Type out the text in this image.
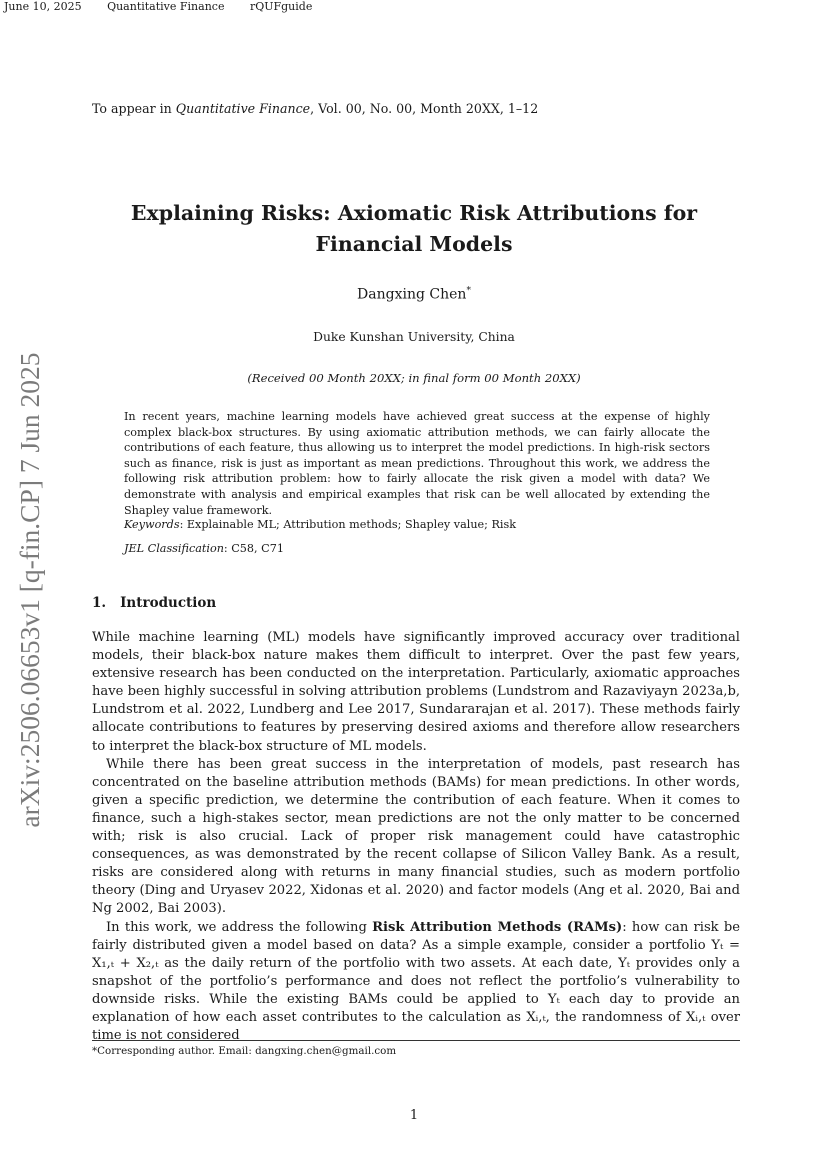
June 10, 2025 Quantitative Finance rQUFguide
To appear in Quantitative Finance, Vol. 00, No. 00, Month 20XX, 1–12
Explaining Risks: Axiomatic Risk Attributions for
Financial Models
Dangxing Chen*
Duke Kunshan University, China
(Received 00 Month 20XX; in final form 00 Month 20XX)
In recent years, machine learning models have achieved great success at the expense of highly complex black-box structures. By using axiomatic attribution methods, we can fairly allocate the contributions of each feature, thus allowing us to interpret the model predictions. In high-risk sectors such as finance, risk is just as important as mean predictions. Throughout this work, we address the following risk attribution problem: how to fairly allocate the risk given a model with data? We demonstrate with analysis and empirical examples that risk can be well allocated by extending the Shapley value framework.
Keywords: Explainable ML; Attribution methods; Shapley value; Risk
JEL Classification: C58, C71
1. Introduction

While machine learning (ML) models have significantly improved accuracy over traditional models, their black-box nature makes them difficult to interpret. Over the past few years, extensive research has been conducted on the interpretation. Particularly, axiomatic approaches have been highly successful in solving attribution problems (Lundstrom and Razaviyayn 2023a,b, Lundstrom et al. 2022, Lundberg and Lee 2017, Sundararajan et al. 2017). These methods fairly allocate contributions to features by preserving desired axioms and therefore allow researchers to interpret the black-box structure of ML models.

While there has been great success in the interpretation of models, past research has concentrated on the baseline attribution methods (BAMs) for mean predictions. In other words, given a specific prediction, we determine the contribution of each feature. When it comes to finance, such a high-stakes sector, mean predictions are not the only matter to be concerned with; risk is also crucial. Lack of proper risk management could have catastrophic consequences, as was demonstrated by the recent collapse of Silicon Valley Bank. As a result, risks are considered along with returns in many financial studies, such as modern portfolio theory (Ding and Uryasev 2022, Xidonas et al. 2020) and factor models (Ang et al. 2020, Bai and Ng 2002, Bai 2003).

In this work, we address the following Risk Attribution Methods (RAMs): how can risk be fairly distributed given a model based on data? As a simple example, consider a portfolio Yₜ = X₁,ₜ + X₂,ₜ as the daily return of the portfolio with two assets. At each date, Yₜ provides only a snapshot of the portfolio’s performance and does not reflect the portfolio’s vulnerability to downside risks. While the existing BAMs could be applied to Yₜ each day to provide an explanation of how each asset contributes to the calculation as Xᵢ,ₜ, the randomness of Xᵢ,ₜ over time is not considered

*Corresponding author. Email: dangxing.chen@gmail.com
1
arXiv:2506.06653v1 [q-fin.CP] 7 Jun 2025
